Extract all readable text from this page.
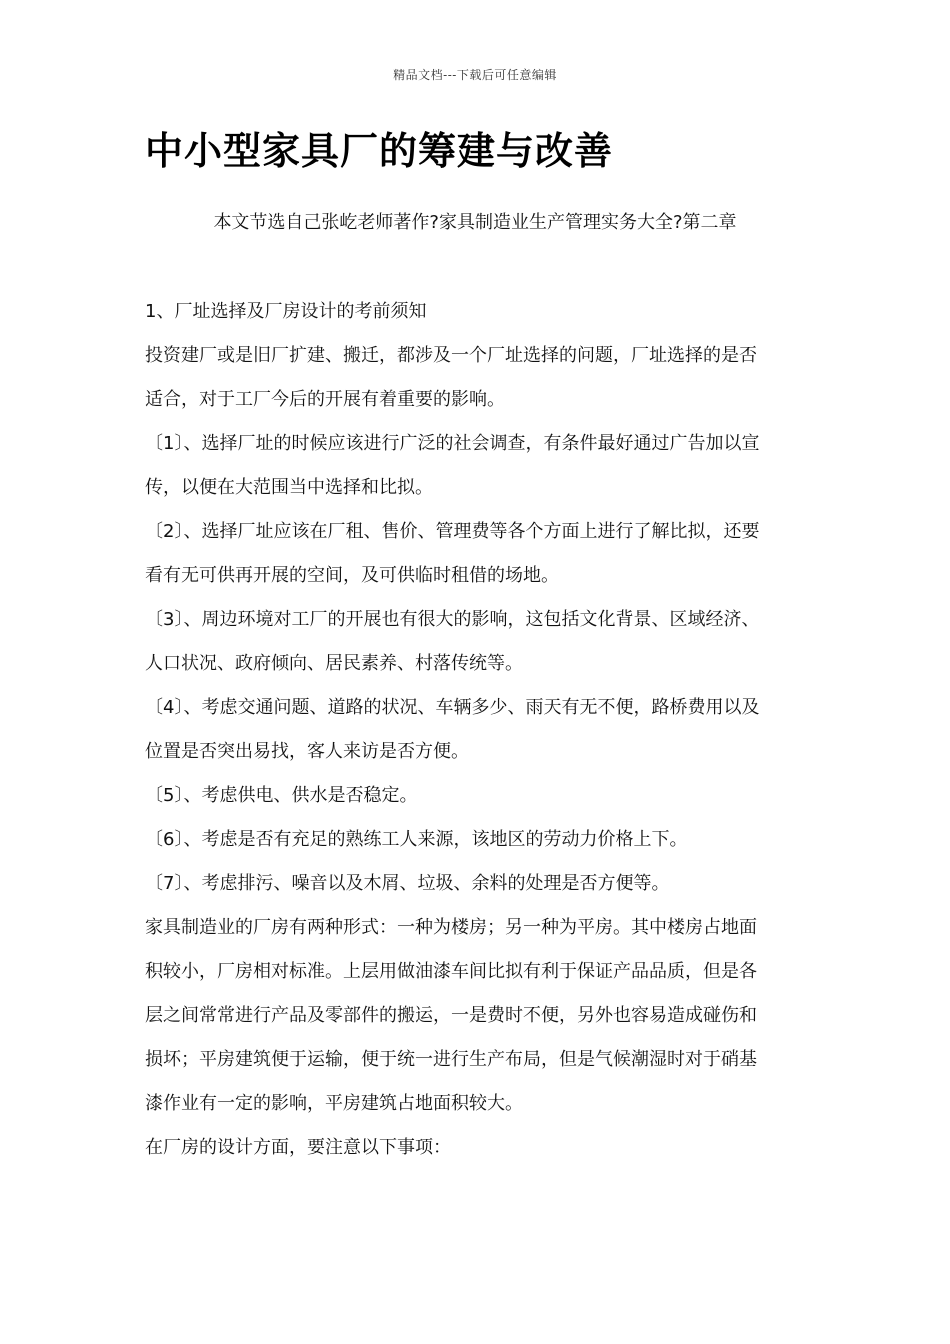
精品文档---下载后可任意编辑
中小型家具厂的筹建与改善
本文节选自己张屹老师著作?家具制造业生产管理实务大全?第二章

1、厂址选择及厂房设计的考前须知

投资建厂或是旧厂扩建、搬迁，都涉及一个厂址选择的问题，厂址选择的是否

适合，对于工厂今后的开展有着重要的影响。

〔1〕、选择厂址的时候应该进行广泛的社会调查，有条件最好通过广告加以宣

传，以便在大范围当中选择和比拟。

〔2〕、选择厂址应该在厂租、售价、管理费等各个方面上进行了解比拟，还要

看有无可供再开展的空间，及可供临时租借的场地。

〔3〕、周边环境对工厂的开展也有很大的影响，这包括文化背景、区域经济、

人口状况、政府倾向、居民素养、村落传统等。

〔4〕、考虑交通问题、道路的状况、车辆多少、雨天有无不便，路桥费用以及

位置是否突出易找，客人来访是否方便。

〔5〕、考虑供电、供水是否稳定。

〔6〕、考虑是否有充足的熟练工人来源，该地区的劳动力价格上下。

〔7〕、考虑排污、噪音以及木屑、垃圾、余料的处理是否方便等。

家具制造业的厂房有两种形式：一种为楼房；另一种为平房。其中楼房占地面

积较小，厂房相对标准。上层用做油漆车间比拟有利于保证产品品质，但是各

层之间常常进行产品及零部件的搬运，一是费时不便，另外也容易造成碰伤和

损坏；平房建筑便于运输，便于统一进行生产布局，但是气候潮湿时对于硝基

漆作业有一定的影响，平房建筑占地面积较大。

在厂房的设计方面，要注意以下事项：
